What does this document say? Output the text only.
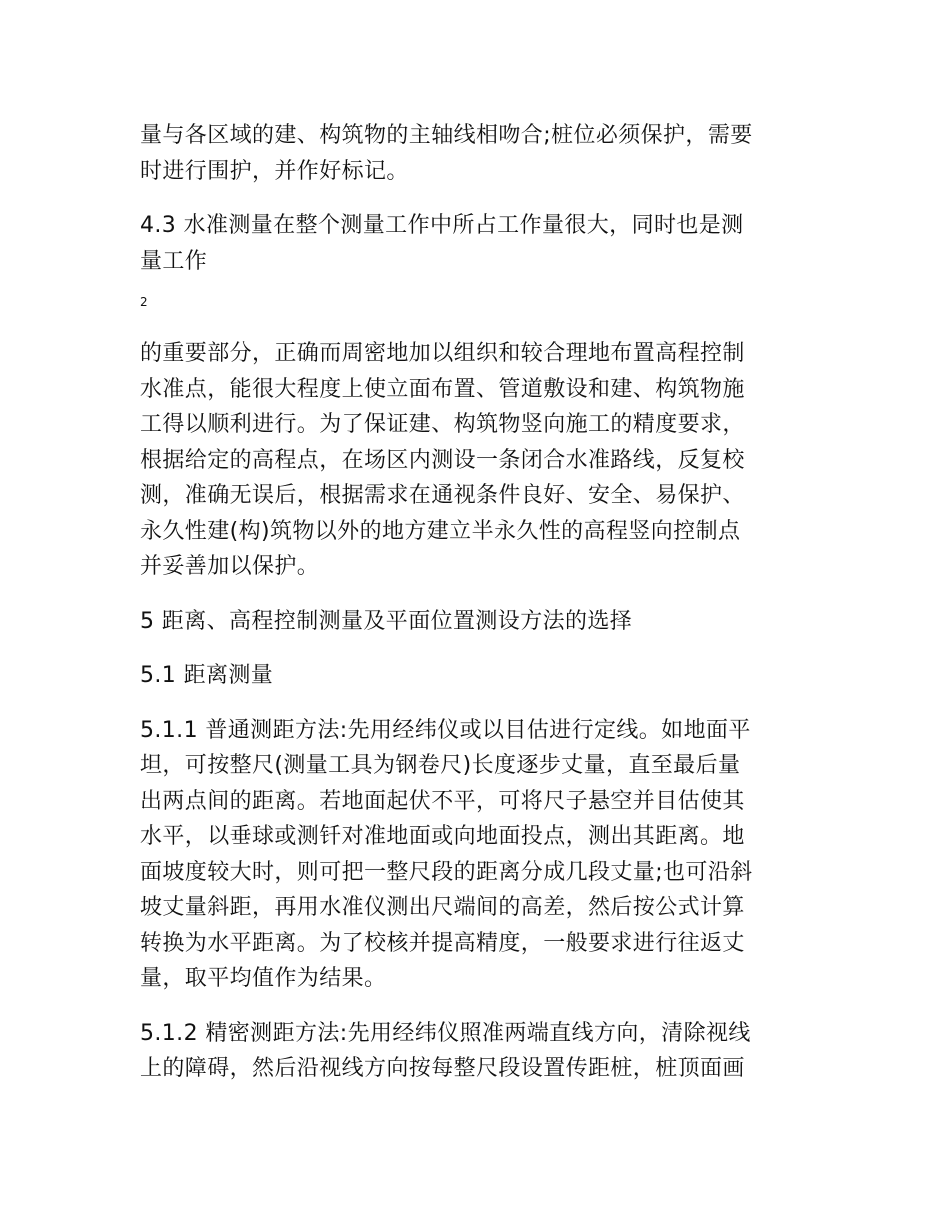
量与各区域的建、构筑物的主轴线相吻合;桩位必须保护，需要
时进行围护，并作好标记。
4.3 水准测量在整个测量工作中所占工作量很大，同时也是测
量工作
2
的重要部分，正确而周密地加以组织和较合理地布置高程控制
水准点，能很大程度上使立面布置、管道敷设和建、构筑物施
工得以顺利进行。为了保证建、构筑物竖向施工的精度要求，
根据给定的高程点，在场区内测设一条闭合水准路线，反复校
测，准确无误后，根据需求在通视条件良好、安全、易保护、
永久性建(构)筑物以外的地方建立半永久性的高程竖向控制点
并妥善加以保护。
5 距离、高程控制测量及平面位置测设方法的选择
5.1 距离测量
5.1.1 普通测距方法:先用经纬仪或以目估进行定线。如地面平
坦，可按整尺(测量工具为钢卷尺)长度逐步丈量，直至最后量
出两点间的距离。若地面起伏不平，可将尺子悬空并目估使其
水平，以垂球或测钎对准地面或向地面投点，测出其距离。地
面坡度较大时，则可把一整尺段的距离分成几段丈量;也可沿斜
坡丈量斜距，再用水准仪测出尺端间的高差，然后按公式计算
转换为水平距离。为了校核并提高精度，一般要求进行往返丈
量，取平均值作为结果。
5.1.2 精密测距方法:先用经纬仪照准两端直线方向，清除视线
上的障碍，然后沿视线方向按每整尺段设置传距桩，桩顶面画
